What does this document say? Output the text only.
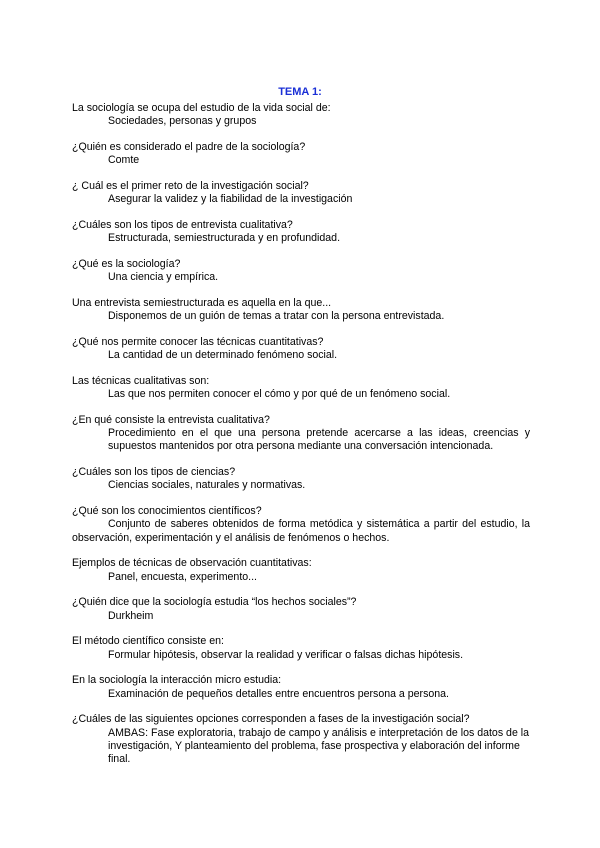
TEMA 1:
La sociología se ocupa del estudio de la vida social de:
Sociedades, personas y grupos
¿Quién es considerado el padre de la sociología?
Comte
¿ Cuál es el primer reto de la investigación social?
Asegurar la validez y la fiabilidad de la investigación
¿Cuáles son los tipos de entrevista cualitativa?
Estructurada, semiestructurada y en profundidad.
¿Qué es la sociología?
Una ciencia y empírica.
Una entrevista semiestructurada es aquella en la que...
Disponemos de un guión de temas a tratar con la persona entrevistada.
¿Qué nos permite conocer las técnicas cuantitativas?
La cantidad de un determinado fenómeno social.
Las técnicas cualitativas son:
Las que nos permiten conocer el cómo y por qué de un fenómeno social.
¿En qué consiste la entrevista cualitativa?
Procedimiento en el que una persona pretende acercarse a las ideas, creencias y supuestos mantenidos por otra persona mediante una conversación intencionada.
¿Cuáles son los tipos de ciencias?
Ciencias sociales, naturales y normativas.
¿Qué son los conocimientos científicos?
Conjunto de saberes obtenidos de forma metódica y sistemática a partir del estudio, la observación, experimentación y el análisis de fenómenos o hechos.
Ejemplos de técnicas de observación cuantitativas:
Panel, encuesta, experimento...
¿Quién dice que la sociología estudia “los hechos sociales”?
Durkheim
El método científico consiste en:
Formular hipótesis, observar la realidad y verificar o falsas dichas hipótesis.
En la sociología la interacción micro estudia:
Examinación de pequeños detalles entre encuentros persona a persona.
¿Cuáles de las siguientes opciones corresponden a fases de la investigación social?
AMBAS: Fase exploratoria, trabajo de campo y análisis e interpretación de los datos de la investigación, Y planteamiento del problema, fase prospectiva y elaboración del informe final.
